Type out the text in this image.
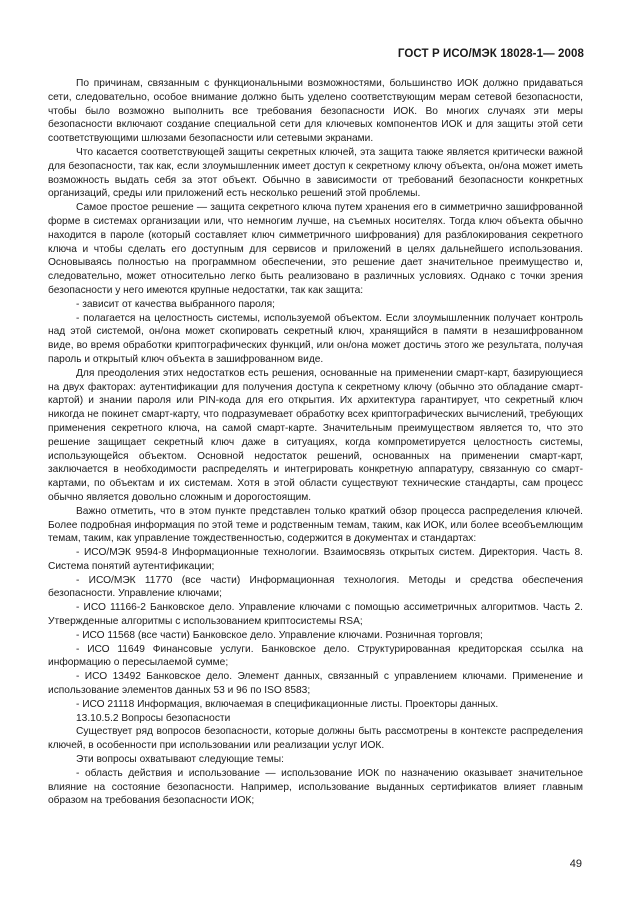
ГОСТ Р ИСО/МЭК 18028-1— 2008

По причинам, связанным с функциональными возможностями, большинство ИОК должно придаваться сети, следовательно, особое внимание должно быть уделено соответствующим мерам сетевой безопасности, чтобы было возможно выполнить все требования безопасности ИОК. Во многих случаях эти меры безопасности включают создание специальной сети для ключевых компонентов ИОК и для защиты этой сети соответствующими шлюзами безопасности или сетевыми экранами.

Что касается соответствующей защиты секретных ключей, эта защита также является критически важной для безопасности, так как, если злоумышленник имеет доступ к секретному ключу объекта, он/она может иметь возможность выдать себя за этот объект. Обычно в зависимости от требований безопасности конкретных организаций, среды или приложений есть несколько решений этой проблемы.

Самое простое решение — защита секретного ключа путем хранения его в симметрично зашифрованной форме в системах организации или, что немногим лучше, на съемных носителях. Тогда ключ объекта обычно находится в пароле (который составляет ключ симметричного шифрования) для разблокирования секретного ключа и чтобы сделать его доступным для сервисов и приложений в целях дальнейшего использования. Основываясь полностью на программном обеспечении, это решение дает значительное преимущество и, следовательно, может относительно легко быть реализовано в различных условиях. Однако с точки зрения безопасности у него имеются крупные недостатки, так как защита:

- зависит от качества выбранного пароля;

- полагается на целостность системы, используемой объектом. Если злоумышленник получает контроль над этой системой, он/она может скопировать секретный ключ, хранящийся в памяти в незашифрованном виде, во время обработки криптографических функций, или он/она может достичь этого же результата, получая пароль и открытый ключ объекта в зашифрованном виде.

Для преодоления этих недостатков есть решения, основанные на применении смарт-карт, базирующиеся на двух факторах: аутентификации для получения доступа к секретному ключу (обычно это обладание смарт-картой) и знании пароля или PIN-кода для его открытия. Их архитектура гарантирует, что секретный ключ никогда не покинет смарт-карту, что подразумевает обработку всех криптографических вычислений, требующих применения секретного ключа, на самой смарт-карте. Значительным преимуществом является то, что это решение защищает секретный ключ даже в ситуациях, когда компрометируется целостность системы, использующейся объектом. Основной недостаток решений, основанных на применении смарт-карт, заключается в необходимости распределять и интегрировать конкретную аппаратуру, связанную со смарт-картами, по объектам и их системам. Хотя в этой области существуют технические стандарты, сам процесс обычно является довольно сложным и дорогостоящим.

Важно отметить, что в этом пункте представлен только краткий обзор процесса распределения ключей. Более подробная информация по этой теме и родственным темам, таким, как ИОК, или более всеобъемлющим темам, таким, как управление тождественностью, содержится в документах и стандартах:

- ИСО/МЭК 9594-8 Информационные технологии. Взаимосвязь открытых систем. Директория. Часть 8. Система понятий аутентификации;

- ИСО/МЭК 11770 (все части) Информационная технология. Методы и средства обеспечения безопасности. Управление ключами;

- ИСО 11166-2 Банковское дело. Управление ключами с помощью ассиметричных алгоритмов. Часть 2. Утвержденные алгоритмы с использованием криптосистемы RSA;

- ИСО 11568 (все части) Банковское дело. Управление ключами. Розничная торговля;

- ИСО 11649 Финансовые услуги. Банковское дело. Структурированная кредиторская ссылка на информацию о пересылаемой сумме;

- ИСО 13492 Банковское дело. Элемент данных, связанный с управлением ключами. Применение и использование элементов данных 53 и 96 по ISO 8583;

- ИСО 21118 Информация, включаемая в спецификационные листы. Проекторы данных.

13.10.5.2 Вопросы безопасности

Существует ряд вопросов безопасности, которые должны быть рассмотрены в контексте распределения ключей, в особенности при использовании или реализации услуг ИОК.

Эти вопросы охватывают следующие темы:

- область действия и использование — использование ИОК по назначению оказывает значительное влияние на состояние безопасности. Например, использование выданных сертификатов влияет главным образом на требования безопасности ИОК;

49
